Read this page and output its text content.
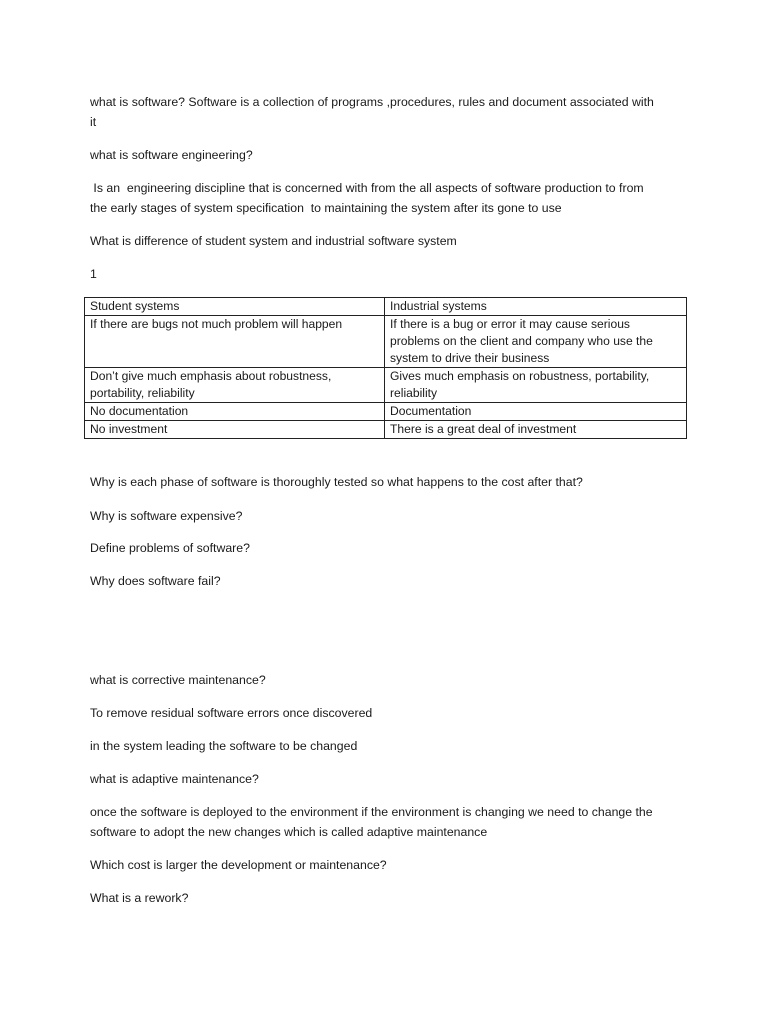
what is software? Software is a collection of programs ,procedures, rules and document associated with

it

what is software engineering?

Is an  engineering discipline that is concerned with from the all aspects of software production to from

the early stages of system specification  to maintaining the system after its gone to use

What is difference of student system and industrial software system

1

Student systems	Industrial systems
If there are bugs not much problem will happen	If there is a bug or error it may cause serious problems on the client and company who use the system to drive their business
Don’t give much emphasis about robustness, portability, reliability	Gives much emphasis on robustness, portability, reliability
No documentation	Documentation
No investment	There is a great deal of investment

Why is each phase of software is thoroughly tested so what happens to the cost after that?

Why is software expensive?

Define problems of software?

Why does software fail?

what is corrective maintenance?

To remove residual software errors once discovered

in the system leading the software to be changed

what is adaptive maintenance?

once the software is deployed to the environment if the environment is changing we need to change the

software to adopt the new changes which is called adaptive maintenance

Which cost is larger the development or maintenance?

What is a rework?
